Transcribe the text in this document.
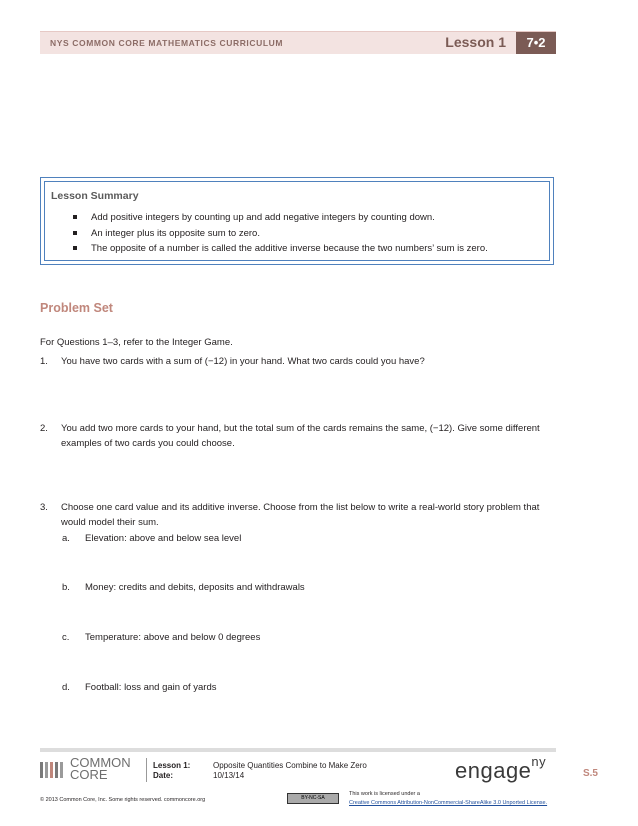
NYS COMMON CORE MATHEMATICS CURRICULUM	Lesson 1	7•2
Lesson Summary
Add positive integers by counting up and add negative integers by counting down.
An integer plus its opposite sum to zero.
The opposite of a number is called the additive inverse because the two numbers’ sum is zero.
Problem Set
For Questions 1–3, refer to the Integer Game.
1. You have two cards with a sum of (−12) in your hand. What two cards could you have?
2. You add two more cards to your hand, but the total sum of the cards remains the same, (−12). Give some different
examples of two cards you could choose.
3. Choose one card value and its additive inverse. Choose from the list below to write a real-world story problem that
would model their sum.
a. Elevation: above and below sea level
b. Money: credits and debits, deposits and withdrawals
c. Temperature: above and below 0 degrees
d. Football: loss and gain of yards
COMMON
CORE
Lesson 1:	Opposite Quantities Combine to Make Zero
Date:	10/13/14	engage$^{ny}$
S.5
© 2013 Common Core, Inc. Some rights reserved. commoncore.org	BY-NC-SA
This work is licensed under a
Creative Commons Attribution-NonCommercial-ShareAlike 3.0 Unported License.
